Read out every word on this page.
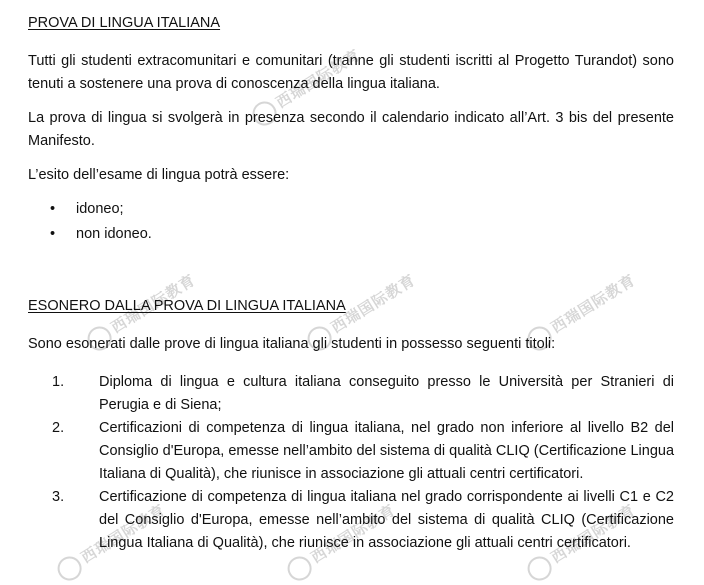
西瑞国际教育
西瑞国际教育	西瑞国际教育	西瑞国际教育
西瑞国际教育	西瑞国际教育	西瑞国际教育
PROVA DI LINGUA ITALIANA

Tutti gli studenti extracomunitari e comunitari (tranne gli studenti iscritti al Progetto Turandot) sono tenuti a sostenere una prova di conoscenza della lingua italiana.

La prova di lingua si svolgerà in presenza secondo il calendario indicato all’Art. 3 bis del presente Manifesto.

L’esito dell’esame di lingua potrà essere:

• idoneo;
• non idoneo.
ESONERO DALLA PROVA DI LINGUA ITALIANA

Sono esonerati dalle prove di lingua italiana gli studenti in possesso seguenti titoli:

1. Diploma di lingua e cultura italiana conseguito presso le Università per Stranieri di Perugia e di Siena;
2. Certificazioni di competenza di lingua italiana, nel grado non inferiore al livello B2 del Consiglio d'Europa, emesse nell’ambito del sistema di qualità CLIQ (Certificazione Lingua Italiana di Qualità), che riunisce in associazione gli attuali centri certificatori.
3. Certificazione di competenza di lingua italiana nel grado corrispondente ai livelli C1 e C2 del Consiglio d'Europa, emesse nell’ambito del sistema di qualità CLIQ (Certificazione Lingua Italiana di Qualità), che riunisce in associazione gli attuali centri certificatori.
